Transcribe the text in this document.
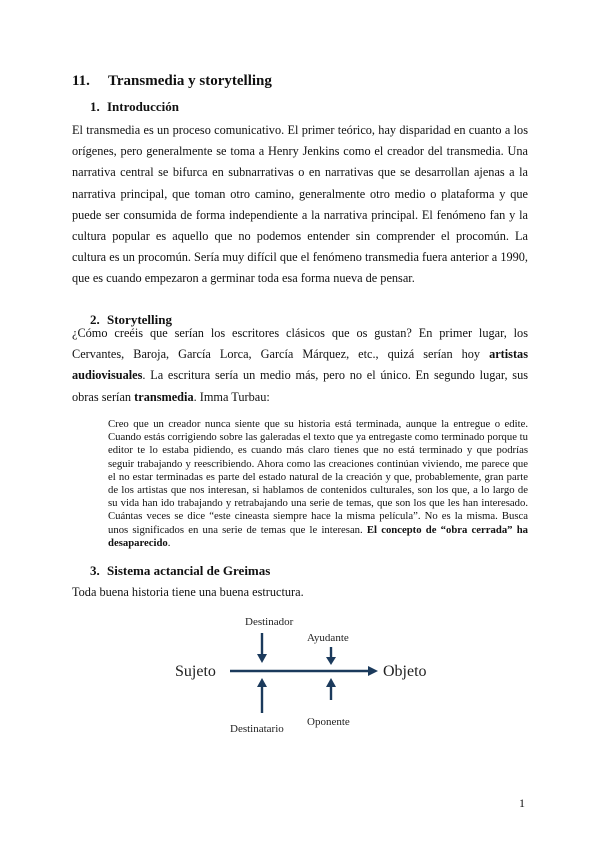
11. Transmedia y storytelling
1. Introducción
El transmedia es un proceso comunicativo. El primer teórico, hay disparidad en cuanto a los orígenes, pero generalmente se toma a Henry Jenkins como el creador del transmedia. Una narrativa central se bifurca en subnarrativas o en narrativas que se desarrollan ajenas a la narrativa principal, que toman otro camino, generalmente otro medio o plataforma y que puede ser consumida de forma independiente a la narrativa principal. El fenómeno fan y la cultura popular es aquello que no podemos entender sin comprender el procomún. La cultura es un procomún. Sería muy difícil que el fenómeno transmedia fuera anterior a 1990, que es cuando empezaron a germinar toda esa forma nueva de pensar.
2. Storytelling
¿Cómo creéis que serían los escritores clásicos que os gustan? En primer lugar, los Cervantes, Baroja, García Lorca, García Márquez, etc., quizá serían hoy artistas audiovisuales. La escritura sería un medio más, pero no el único. En segundo lugar, sus obras serían transmedia. Imma Turbau:
Creo que un creador nunca siente que su historia está terminada, aunque la entregue o edite. Cuando estás corrigiendo sobre las galeradas el texto que ya entregaste como terminado porque tu editor te lo estaba pidiendo, es cuando más claro tienes que no está terminado y que podrías seguir trabajando y reescribiendo. Ahora como las creaciones continúan viviendo, me parece que el no estar terminadas es parte del estado natural de la creación y que, probablemente, gran parte de los artistas que nos interesan, si hablamos de contenidos culturales, son los que, a lo largo de su vida han ido trabajando y retrabajando una serie de temas, que son los que les han interesado. Cuántas veces se dice “este cineasta siempre hace la misma película”. No es la misma. Busca unos significados en una serie de temas que le interesan. El concepto de “obra cerrada” ha desaparecido.
3. Sistema actancial de Greimas
Toda buena historia tiene una buena estructura.
Destinador
Ayudante
Sujeto	Objeto
Oponente
Destinatario
1
